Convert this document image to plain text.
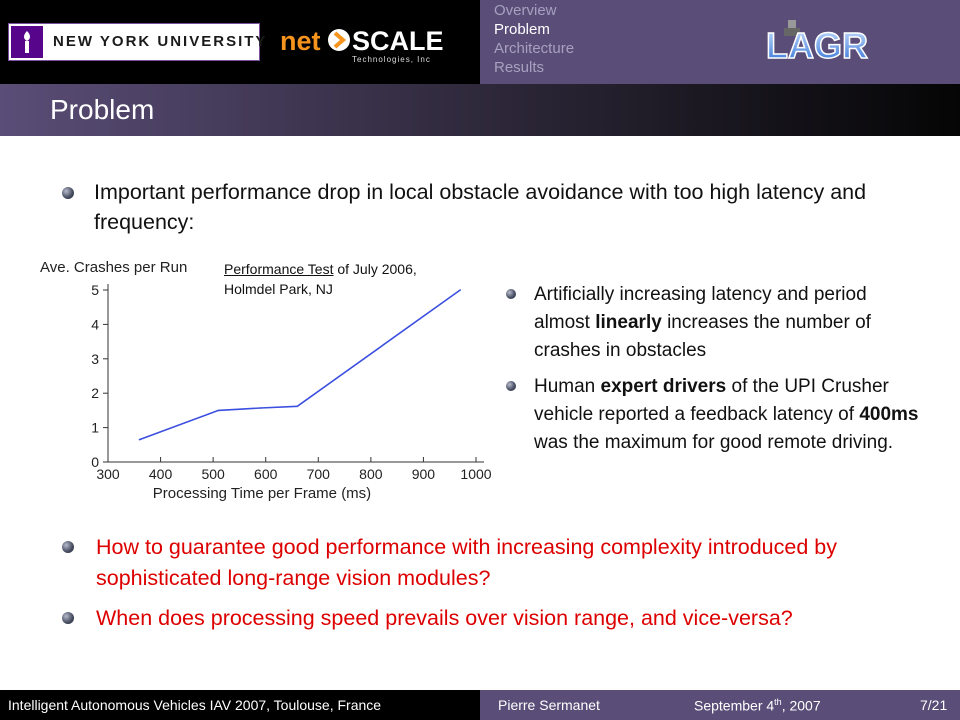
NEW YORK UNIVERSITY net SCALE
Technologies, Inc
Overview
Problem
Architecture
Results
LAGR
Problem
Important performance drop in local obstacle avoidance with too high latency and frequency:
Ave. Crashes per Run
0
1
2
3
4
5
300 400 500 600 700 800 900 1000
Processing Time per Frame (ms)
Performance Test of July 2006,
Holmdel Park, NJ	Artificially increasing latency and period almost linearly increases the number of crashes in obstacles
Human expert drivers of the UPI Crusher vehicle reported a feedback latency of 400ms was the maximum for good remote driving.
How to guarantee good performance with increasing complexity introduced by sophisticated long-range vision modules?
When does processing speed prevails over vision range, and vice-versa?
Intelligent Autonomous Vehicles IAV 2007, Toulouse, France	Pierre Sermanet	September 4th, 2007	7/21
